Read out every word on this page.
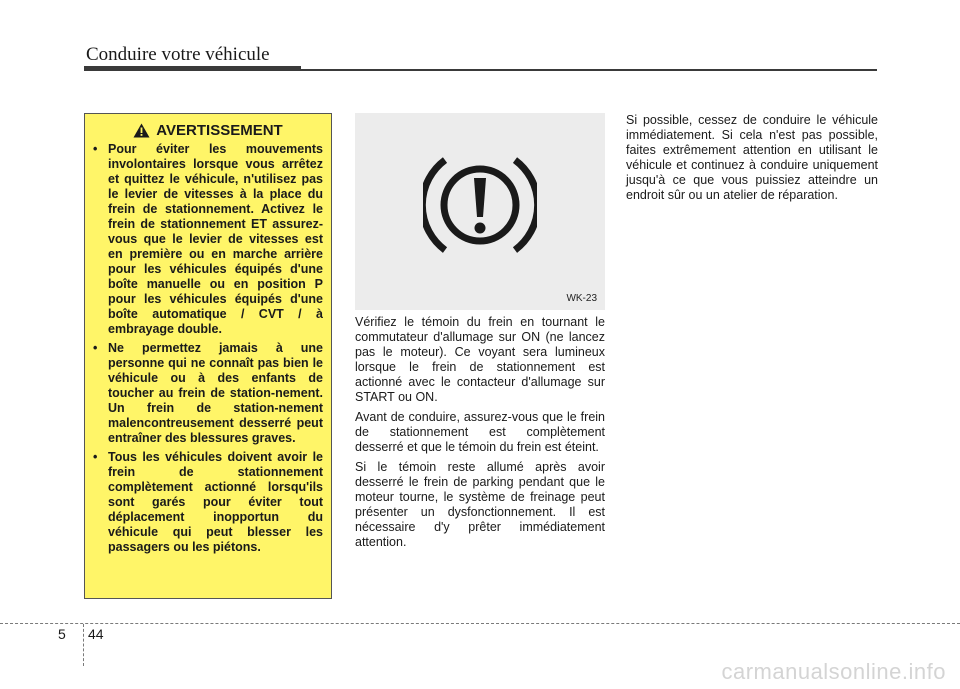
Conduire votre véhicule
AVERTISSEMENT
• Pour éviter les mouvements involontaires lorsque vous arrêtez et quittez le véhicule, n'utilisez pas le levier de vitesses à la place du frein de stationnement. Activez le frein de stationnement ET assurez-vous que le levier de vitesses est en première ou en marche arrière pour les véhicules équipés d'une boîte manuelle ou en position P pour les véhicules équipés d'une boîte automatique / CVT / à embrayage double.
• Ne permettez jamais à une personne qui ne connaît pas bien le véhicule ou à des enfants de toucher au frein de station-nement. Un frein de station-nement malencontreusement desserré peut entraîner des blessures graves.
• Tous les véhicules doivent avoir le frein de stationnement complètement actionné lorsqu'ils sont garés pour éviter tout déplacement inopportun du véhicule qui peut blesser les passagers ou les piétons.
WK-23

Vérifiez le témoin du frein en tournant le commutateur d'allumage sur ON (ne lancez pas le moteur). Ce voyant sera lumineux lorsque le frein de stationnement est actionné avec le contacteur d'allumage sur START ou ON.

Avant de conduire, assurez-vous que le frein de stationnement est complètement desserré et que le témoin du frein est éteint.

Si le témoin reste allumé après avoir desserré le frein de parking pendant que le moteur tourne, le système de freinage peut présenter un dysfonctionnement. Il est nécessaire d'y prêter immédiatement attention.

Si possible, cessez de conduire le véhicule immédiatement. Si cela n'est pas possible, faites extrêmement attention en utilisant le véhicule et continuez à conduire uniquement jusqu'à ce que vous puissiez atteindre un endroit sûr ou un atelier de réparation.

5 44
carmanualsonline.info
